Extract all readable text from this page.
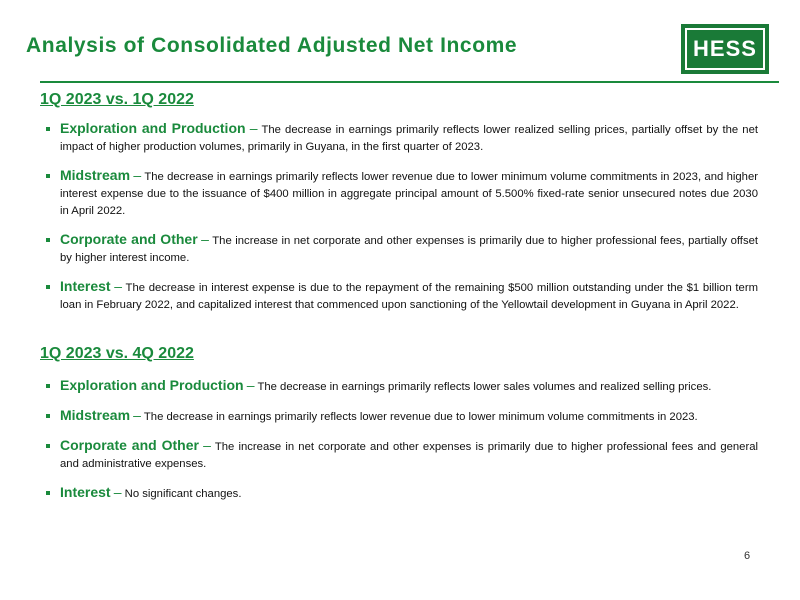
Analysis of Consolidated Adjusted Net Income	HESS
1Q 2023 vs. 1Q 2022
Exploration and Production – The decrease in earnings primarily reflects lower realized selling prices, partially offset by the net impact of higher production volumes, primarily in Guyana, in the first quarter of 2023.
Midstream – The decrease in earnings primarily reflects lower revenue due to lower minimum volume commitments in 2023, and higher interest expense due to the issuance of $400 million in aggregate principal amount of 5.500% fixed-rate senior unsecured notes due 2030 in April 2022.
Corporate and Other – The increase in net corporate and other expenses is primarily due to higher professional fees, partially offset by higher interest income.
Interest – The decrease in interest expense is due to the repayment of the remaining $500 million outstanding under the $1 billion term loan in February 2022, and capitalized interest that commenced upon sanctioning of the Yellowtail development in Guyana in April 2022.
1Q 2023 vs. 4Q 2022
Exploration and Production – The decrease in earnings primarily reflects lower sales volumes and realized selling prices.
Midstream – The decrease in earnings primarily reflects lower revenue due to lower minimum volume commitments in 2023.
Corporate and Other – The increase in net corporate and other expenses is primarily due to higher professional fees and general and administrative expenses.
Interest – No significant changes.
6
